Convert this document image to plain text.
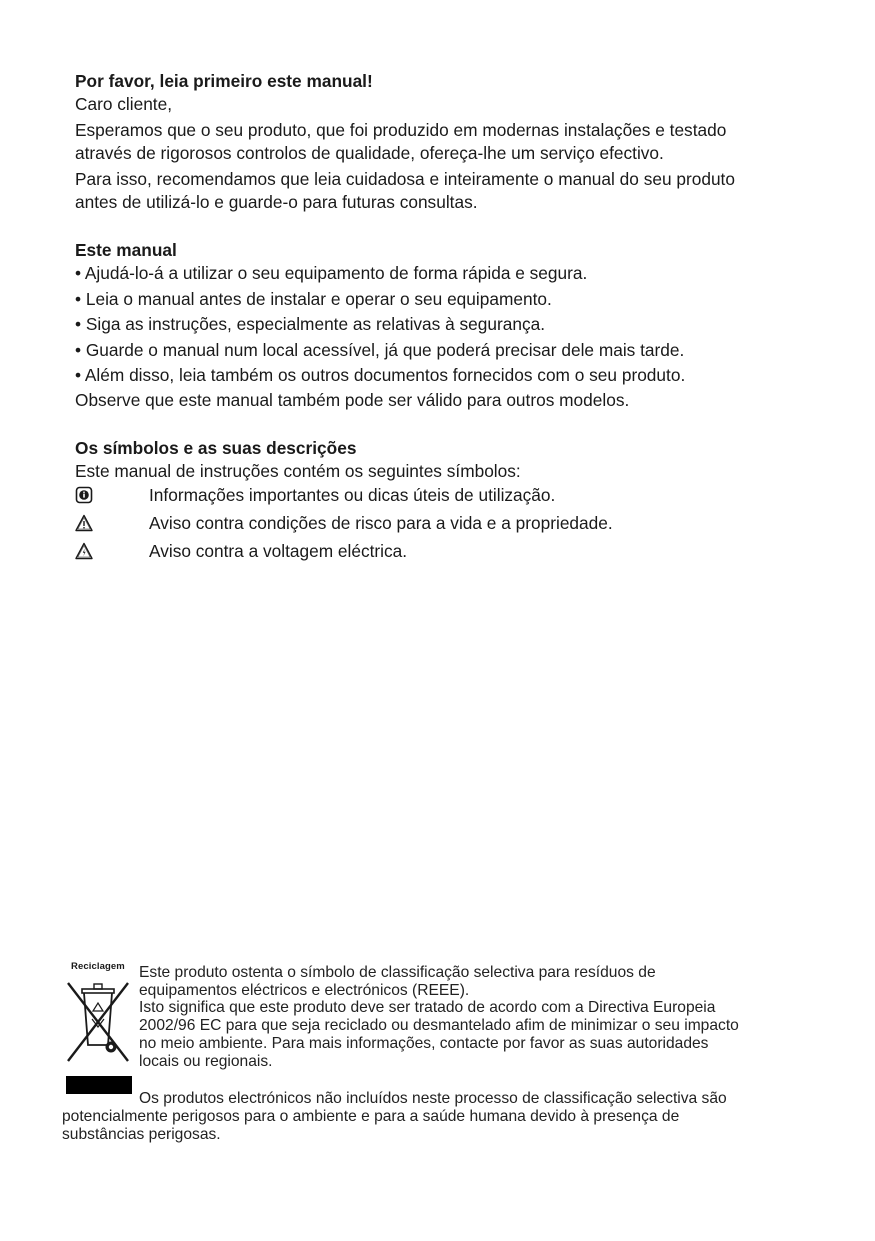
Por favor, leia primeiro este manual!
Caro cliente,
Esperamos que o seu produto, que foi produzido em modernas instalações e testado
através de rigorosos controlos de qualidade, ofereça-lhe um serviço efectivo.
Para isso, recomendamos que leia cuidadosa e inteiramente o manual do seu produto
antes de utilizá-lo e guarde-o para futuras consultas.
Este manual
• Ajudá-lo-á a utilizar o seu equipamento de forma rápida e segura.
• Leia o manual antes de instalar e operar o seu equipamento.
• Siga as instruções, especialmente as relativas à segurança.
• Guarde o manual num local acessível, já que poderá precisar dele mais tarde.
• Além disso, leia também os outros documentos fornecidos com o seu produto.
Observe que este manual também pode ser válido para outros modelos.
Os símbolos e as suas descrições
Este manual de instruções contém os seguintes símbolos:
Informações importantes ou dicas úteis de utilização.
Aviso contra condições de risco para a vida e a propriedade.
Aviso contra a voltagem eléctrica.
Reciclagem Este produto ostenta o símbolo de classificação selectiva para resíduos de
equipamentos eléctricos e electrónicos (REEE).
Isto significa que este produto deve ser tratado de acordo com a Directiva Europeia
2002/96 EC para que seja reciclado ou desmantelado afim de minimizar o seu impacto
no meio ambiente. Para mais informações, contacte por favor as suas autoridades
locais ou regionais.
Os produtos electrónicos não incluídos neste processo de classificação selectiva são
potencialmente perigosos para o ambiente e para a saúde humana devido à presença de
substâncias perigosas.
